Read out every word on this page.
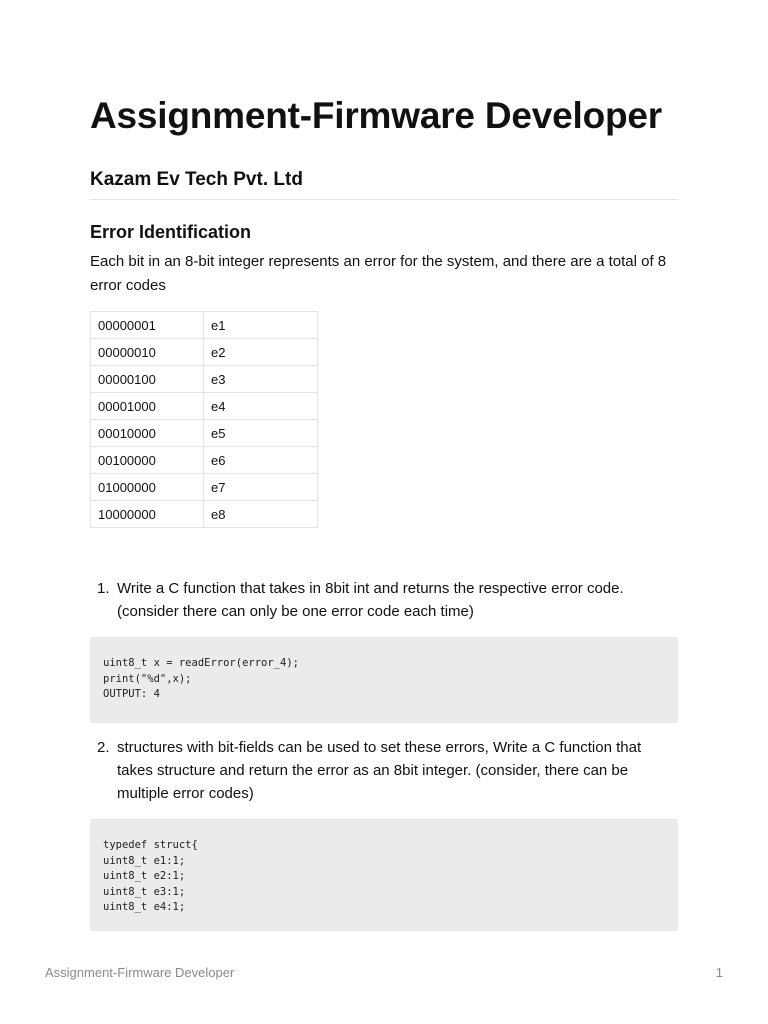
Assignment-Firmware Developer
Kazam Ev Tech Pvt. Ltd
Error Identification

Each bit in an 8-bit integer represents an error for the system, and there are a total of 8 error codes

00000001	e1
00000010	e2
00000100	e3
00001000	e4
00010000	e5
00100000	e6
01000000	e7
10000000	e8
1. Write a C function that takes in 8bit int and returns the respective error code. (consider there can only be one error code each time)
uint8_t x = readError(error_4);
print("%d",x);
OUTPUT: 4
2. structures with bit-fields can be used to set these errors, Write a C function that takes structure and return the error as an 8bit integer. (consider, there can be multiple error codes)
typedef struct{
uint8_t e1:1;
uint8_t e2:1;
uint8_t e3:1;
uint8_t e4:1;
Assignment-Firmware Developer	1
